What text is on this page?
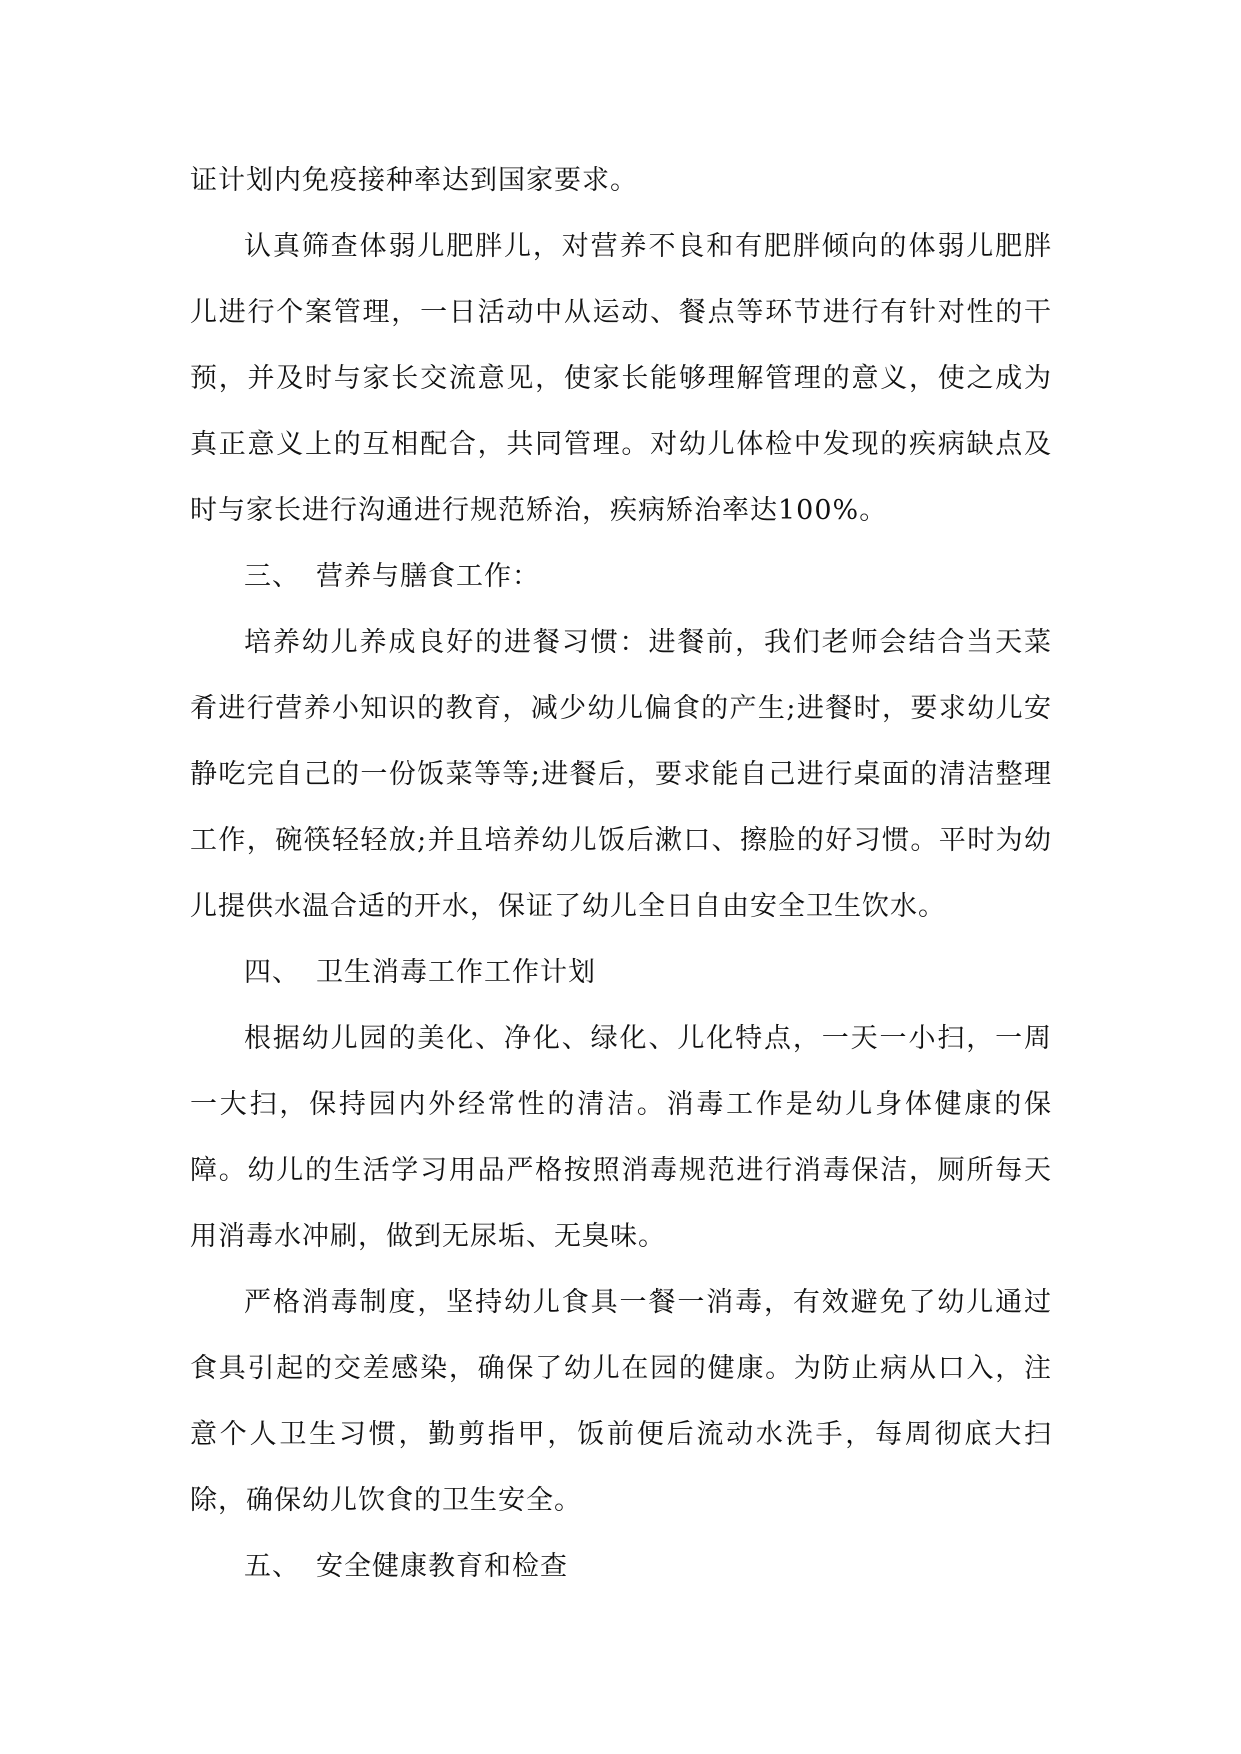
证计划内免疫接种率达到国家要求。

认真筛查体弱儿肥胖儿，对营养不良和有肥胖倾向的体弱儿肥胖儿进行个案管理，一日活动中从运动、餐点等环节进行有针对性的干预，并及时与家长交流意见，使家长能够理解管理的意义，使之成为真正意义上的互相配合，共同管理。对幼儿体检中发现的疾病缺点及时与家长进行沟通进行规范矫治，疾病矫治率达100%。

三、 营养与膳食工作：

培养幼儿养成良好的进餐习惯：进餐前，我们老师会结合当天菜肴进行营养小知识的教育，减少幼儿偏食的产生;进餐时，要求幼儿安静吃完自己的一份饭菜等等;进餐后，要求能自己进行桌面的清洁整理工作，碗筷轻轻放;并且培养幼儿饭后漱口、擦脸的好习惯。平时为幼儿提供水温合适的开水，保证了幼儿全日自由安全卫生饮水。

四、 卫生消毒工作工作计划

根据幼儿园的美化、净化、绿化、儿化特点，一天一小扫，一周一大扫，保持园内外经常性的清洁。消毒工作是幼儿身体健康的保障。幼儿的生活学习用品严格按照消毒规范进行消毒保洁，厕所每天用消毒水冲刷，做到无尿垢、无臭味。

严格消毒制度，坚持幼儿食具一餐一消毒，有效避免了幼儿通过食具引起的交差感染，确保了幼儿在园的健康。为防止病从口入，注意个人卫生习惯，勤剪指甲，饭前便后流动水洗手，每周彻底大扫除，确保幼儿饮食的卫生安全。

五、 安全健康教育和检查
